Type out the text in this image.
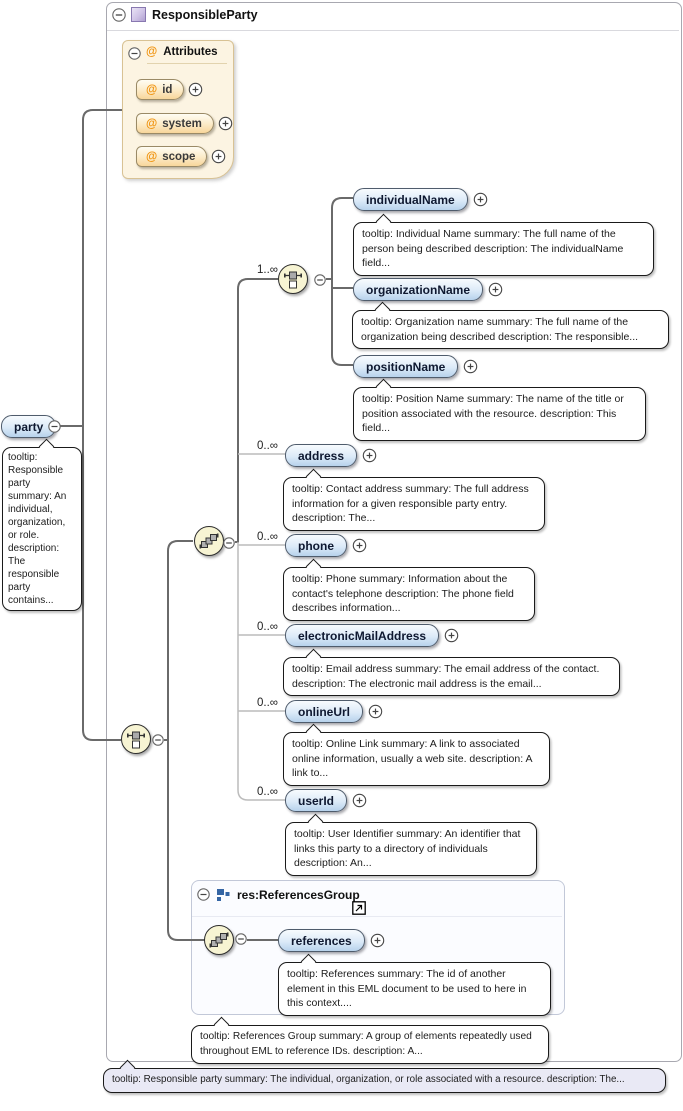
ResponsibleParty
@ Attributes
@ id
@ system
@ scope
party
tooltip: Responsible party summary: An individual, organization, or role. description: The responsible party contains...
1..∞
individualName
tooltip: Individual Name summary: The full name of the person being described description: The individualName field...
organizationName
tooltip: Organization name summary: The full name of the organization being described description: The responsible...
positionName
tooltip: Position Name summary: The name of the title or position associated with the resource. description: This field...
0..∞
address
tooltip: Contact address summary: The full address information for a given responsible party entry. description: The...
0..∞
phone
tooltip: Phone summary: Information about the contact's telephone description: The phone field describes information...
0..∞
electronicMailAddress
tooltip: Email address summary: The email address of the contact. description: The electronic mail address is the email...
0..∞
onlineUrl
tooltip: Online Link summary: A link to associated online information, usually a web site. description: A link to...
0..∞
userId
tooltip: User Identifier summary: An identifier that links this party to a directory of individuals description: An...
res:ReferencesGroup
references
tooltip: References summary: The id of another element in this EML document to be used to here in this context....
tooltip: References Group summary: A group of elements repeatedly used throughout EML to reference IDs. description: A...
tooltip: Responsible party summary: The individual, organization, or role associated with a resource. description: The...
